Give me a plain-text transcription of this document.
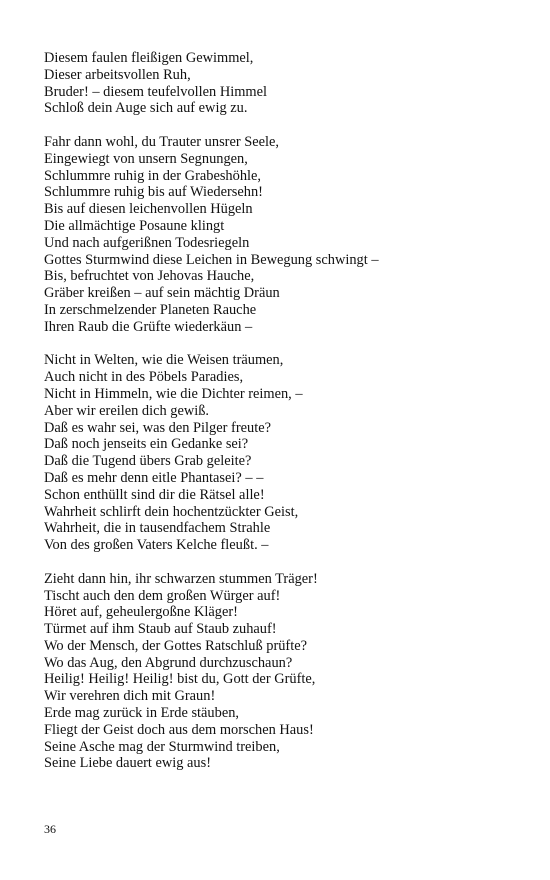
Diesem faulen fleißigen Gewimmel,
Dieser arbeitsvollen Ruh,
Bruder! – diesem teufelvollen Himmel
Schloß dein Auge sich auf ewig zu.
Fahr dann wohl, du Trauter unsrer Seele,
Eingewiegt von unsern Segnungen,
Schlummre ruhig in der Grabeshöhle,
Schlummre ruhig bis auf Wiedersehn!
Bis auf diesen leichenvollen Hügeln
Die allmächtige Posaune klingt
Und nach aufgerißnen Todesriegeln
Gottes Sturmwind diese Leichen in Bewegung schwingt –
Bis, befruchtet von Jehovas Hauche,
Gräber kreißen – auf sein mächtig Dräun
In zerschmelzender Planeten Rauche
Ihren Raub die Grüfte wiederkäun –
Nicht in Welten, wie die Weisen träumen,
Auch nicht in des Pöbels Paradies,
Nicht in Himmeln, wie die Dichter reimen, –
Aber wir ereilen dich gewiß.
Daß es wahr sei, was den Pilger freute?
Daß noch jenseits ein Gedanke sei?
Daß die Tugend übers Grab geleite?
Daß es mehr denn eitle Phantasei? – –
Schon enthüllt sind dir die Rätsel alle!
Wahrheit schlirft dein hochentzückter Geist,
Wahrheit, die in tausendfachem Strahle
Von des großen Vaters Kelche fleußt. –
Zieht dann hin, ihr schwarzen stummen Träger!
Tischt auch den dem großen Würger auf!
Höret auf, geheulergoßne Kläger!
Türmet auf ihm Staub auf Staub zuhauf!
Wo der Mensch, der Gottes Ratschluß prüfte?
Wo das Aug, den Abgrund durchzuschaun?
Heilig! Heilig! Heilig! bist du, Gott der Grüfte,
Wir verehren dich mit Graun!
Erde mag zurück in Erde stäuben,
Fliegt der Geist doch aus dem morschen Haus!
Seine Asche mag der Sturmwind treiben,
Seine Liebe dauert ewig aus!
36
